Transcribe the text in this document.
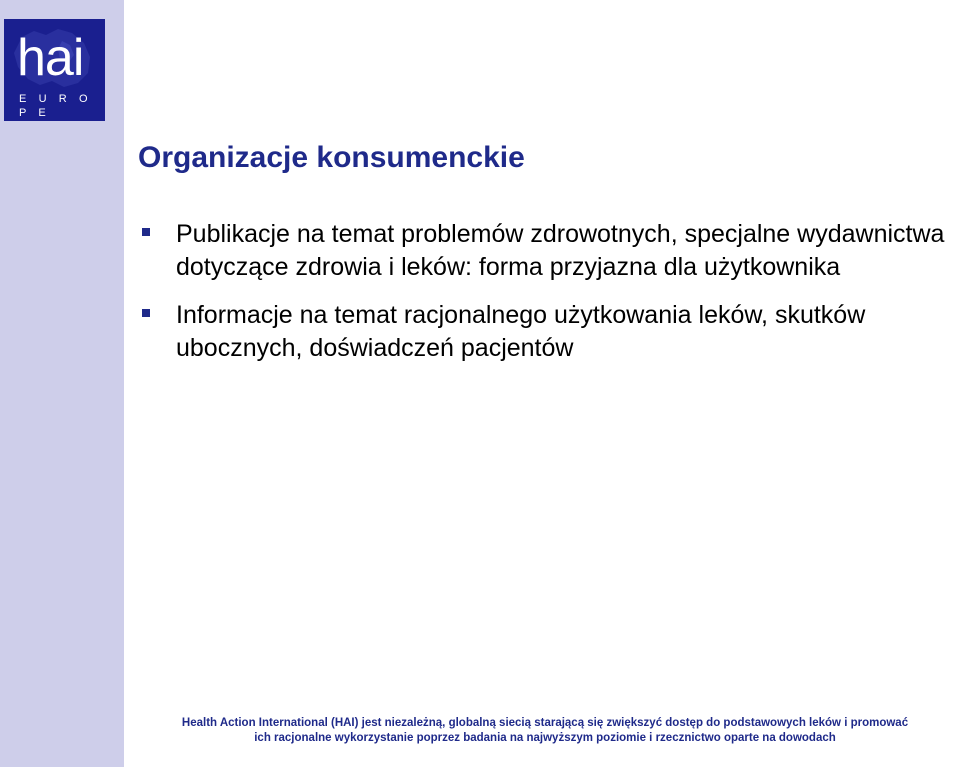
hai
E U R O P E
Organizacje konsumenckie
Publikacje na temat problemów zdrowotnych, specjalne wydawnictwa dotyczące zdrowia i leków: forma przyjazna dla użytkownika
Informacje na temat racjonalnego użytkowania leków, skutków ubocznych, doświadczeń pacjentów
Health Action International (HAI) jest niezależną, globalną siecią starającą się zwiększyć dostęp do podstawowych leków i promować
ich racjonalne wykorzystanie poprzez badania na najwyższym poziomie i rzecznictwo oparte na dowodach
